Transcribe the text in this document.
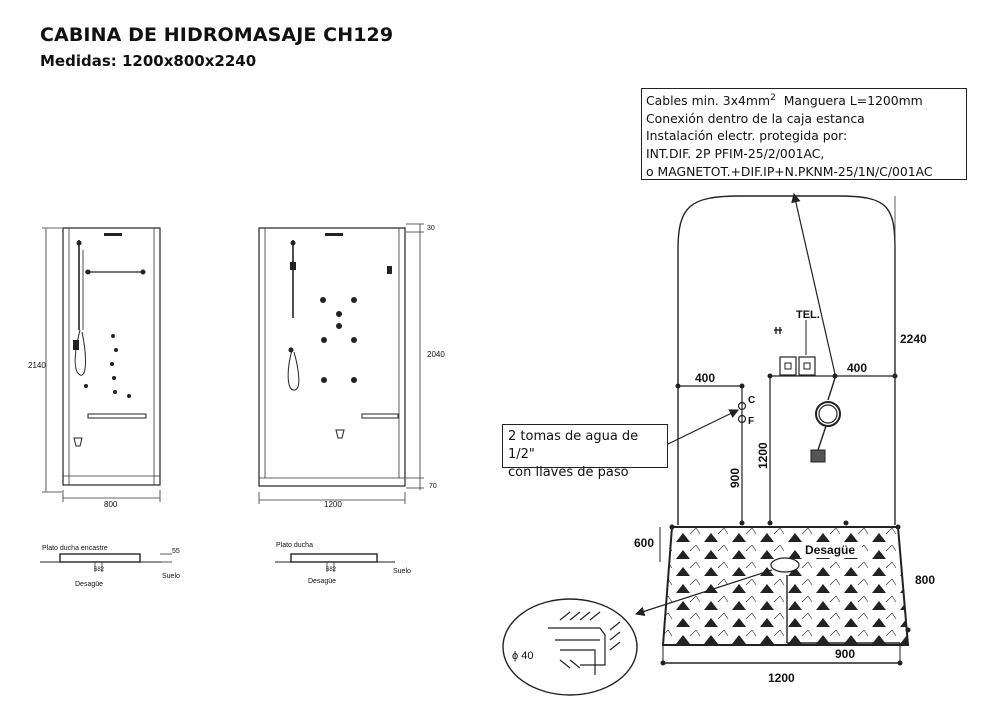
CABINA DE HIDROMASAJE CH129
Medidas: 1200x800x2240
2140
800
Plato ducha encastre	55
682
Desagüe
Suelo
30
2040
70
1200
Plato ducha
682
Desagüe
Suelo
ϕ 40
TEL.
C
F
400
400
2240
1200
900
600
800
900
1200
Desagüe
Cables min. $3x4mm^2$ Manguera L=1200mm
Conexión dentro de la caja estanca
Instalación electr. protegida por:
INT.DIF. 2P PFIM-25/2/001AC,
o MAGNETOT.+DIF.IP+N.PKNM-25/1N/C/001AC
2 tomas de agua de 1/2"
con llaves de paso
